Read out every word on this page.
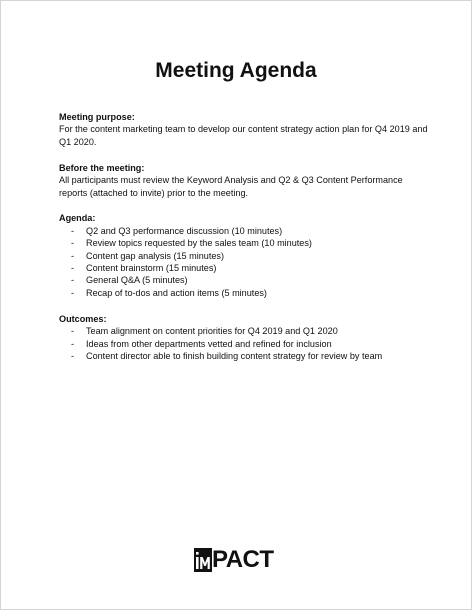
Meeting Agenda

Meeting purpose:

For the content marketing team to develop our content strategy action plan for Q4 2019 and Q1 2020.

Before the meeting:

All participants must review the Keyword Analysis and Q2 & Q3 Content Performance reports (attached to invite) prior to the meeting.

Agenda:

- Q2 and Q3 performance discussion (10 minutes)
- Review topics requested by the sales team (10 minutes)
- Content gap analysis (15 minutes)
- Content brainstorm (15 minutes)
- General Q&A (5 minutes)
- Recap of to-dos and action items (5 minutes)

Outcomes:

- Team alignment on content priorities for Q4 2019 and Q1 2020
- Ideas from other departments vetted and refined for inclusion
- Content director able to finish building content strategy for review by team
PACT
